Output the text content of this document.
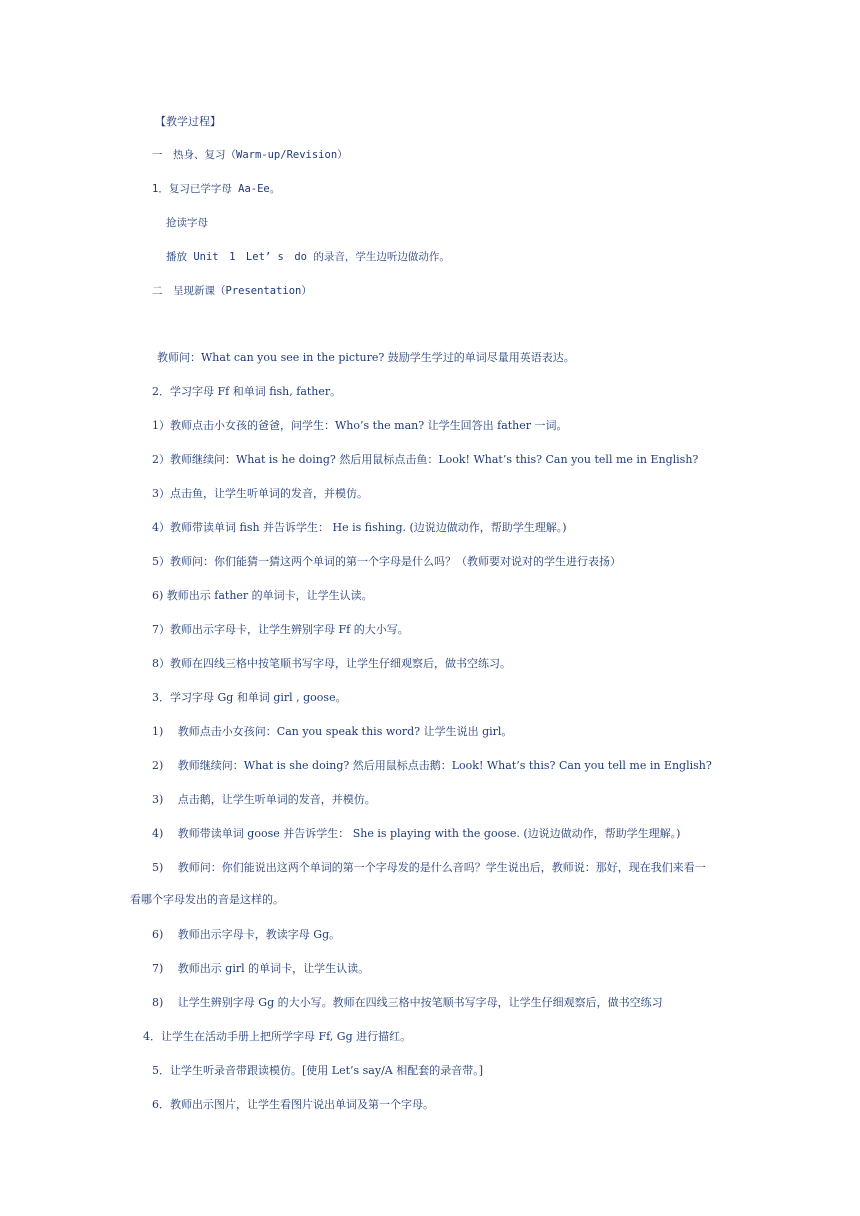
【教学过程】
一　热身、复习（Warm-up/Revision）
1．复习已学字母 Aa-Ee。
抢读字母
播放 Unit　1　Let’ s　do 的录音，学生边听边做动作。
二　呈现新课（Presentation）
教师问：What can you see in the picture? 鼓励学生学过的单词尽量用英语表达。
2．学习字母 Ff 和单词 fish, father。
1）教师点击小女孩的爸爸，问学生：Who’s the man? 让学生回答出 father 一词。
2）教师继续问：What is he doing? 然后用鼠标点击鱼：Look! What’s this? Can you tell me in English?
3）点击鱼，让学生听单词的发音，并模仿。
4）教师带读单词 fish 并告诉学生： He is fishing. (边说边做动作，帮助学生理解。)
5）教师问：你们能猜一猜这两个单词的第一个字母是什么吗？（教师要对说对的学生进行表扬）
6) 教师出示 father 的单词卡，让学生认读。
7）教师出示字母卡，让学生辨别字母 Ff 的大小写。
8）教师在四线三格中按笔顺书写字母，让学生仔细观察后，做书空练习。
3．学习字母 Gg 和单词 girl , goose。
1)　 教师点击小女孩问：Can you speak this word? 让学生说出 girl。
2)　 教师继续问：What is she doing? 然后用鼠标点击鹅：Look! What’s this? Can you tell me in English?
3)　 点击鹅，让学生听单词的发音，并模仿。
4)　 教师带读单词 goose 并告诉学生： She is playing with the goose. (边说边做动作，帮助学生理解。)
5)　 教师问：你们能说出这两个单词的第一个字母发的是什么音吗？学生说出后，教师说：那好，现在我们来看一
看哪个字母发出的音是这样的。
6)　 教师出示字母卡，教读字母 Gg。
7)　 教师出示 girl 的单词卡，让学生认读。
8)　 让学生辨别字母 Gg 的大小写。教师在四线三格中按笔顺书写字母，让学生仔细观察后，做书空练习
4．让学生在活动手册上把所学字母 Ff, Gg 进行描红。
5．让学生听录音带跟读模仿。[使用 Let’s say/A 相配套的录音带。]
6．教师出示图片，让学生看图片说出单词及第一个字母。
